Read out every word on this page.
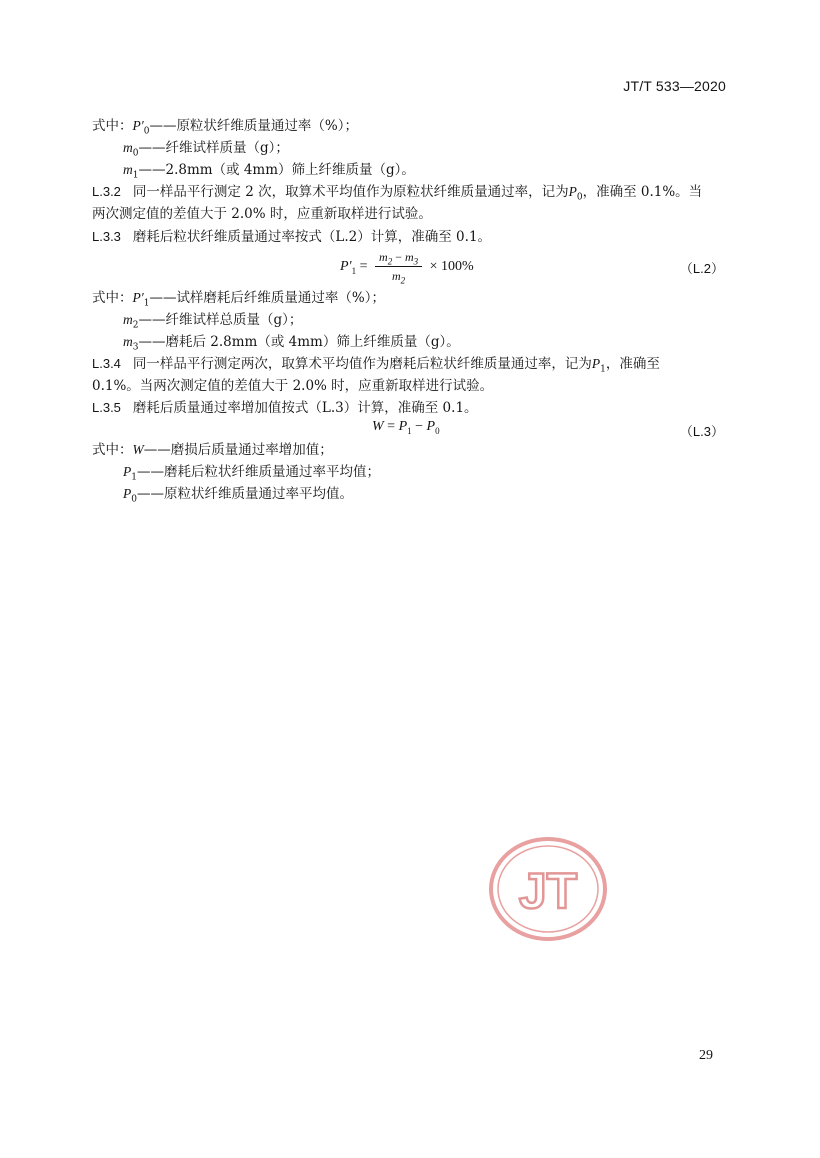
JT/T 533—2020
式中：$P'_0——$原粒状纤维质量通过率（%）；
$m_0——$纤维试样质量（g）；
$m_1——2.8mm$（或 4mm）筛上纤维质量（g）。
L.3.2 同一样品平行测定 2 次，取算术平均值作为原粒状纤维质量通过率，记为$P_0$，准确至 0.1%。当
两次测定值的差值大于 2.0% 时，应重新取样进行试验。
L.3.3 磨耗后粒状纤维质量通过率按式（L.2）计算，准确至 0.1。
$P'_1 = \frac{m_2 - m_3}{m_2} \times 100\%$	（L.2）
式中：$P'_1——$试样磨耗后纤维质量通过率（%）；
$m_2——$纤维试样总质量（g）；
$m_3——$磨耗后 2.8mm（或 4mm）筛上纤维质量（g）。
L.3.4 同一样品平行测定两次，取算术平均值作为磨耗后粒状纤维质量通过率，记为$P_1$，准确至
0.1%。当两次测定值的差值大于 2.0% 时，应重新取样进行试验。
L.3.5 磨耗后质量通过率增加值按式（L.3）计算，准确至 0.1。
$W = P_1 - P_0$	（L.3）
式中：W——磨损后质量通过率增加值；
$P_1——$磨耗后粒状纤维质量通过率平均值；
$P_0——$原粒状纤维质量通过率平均值。
JT
29
